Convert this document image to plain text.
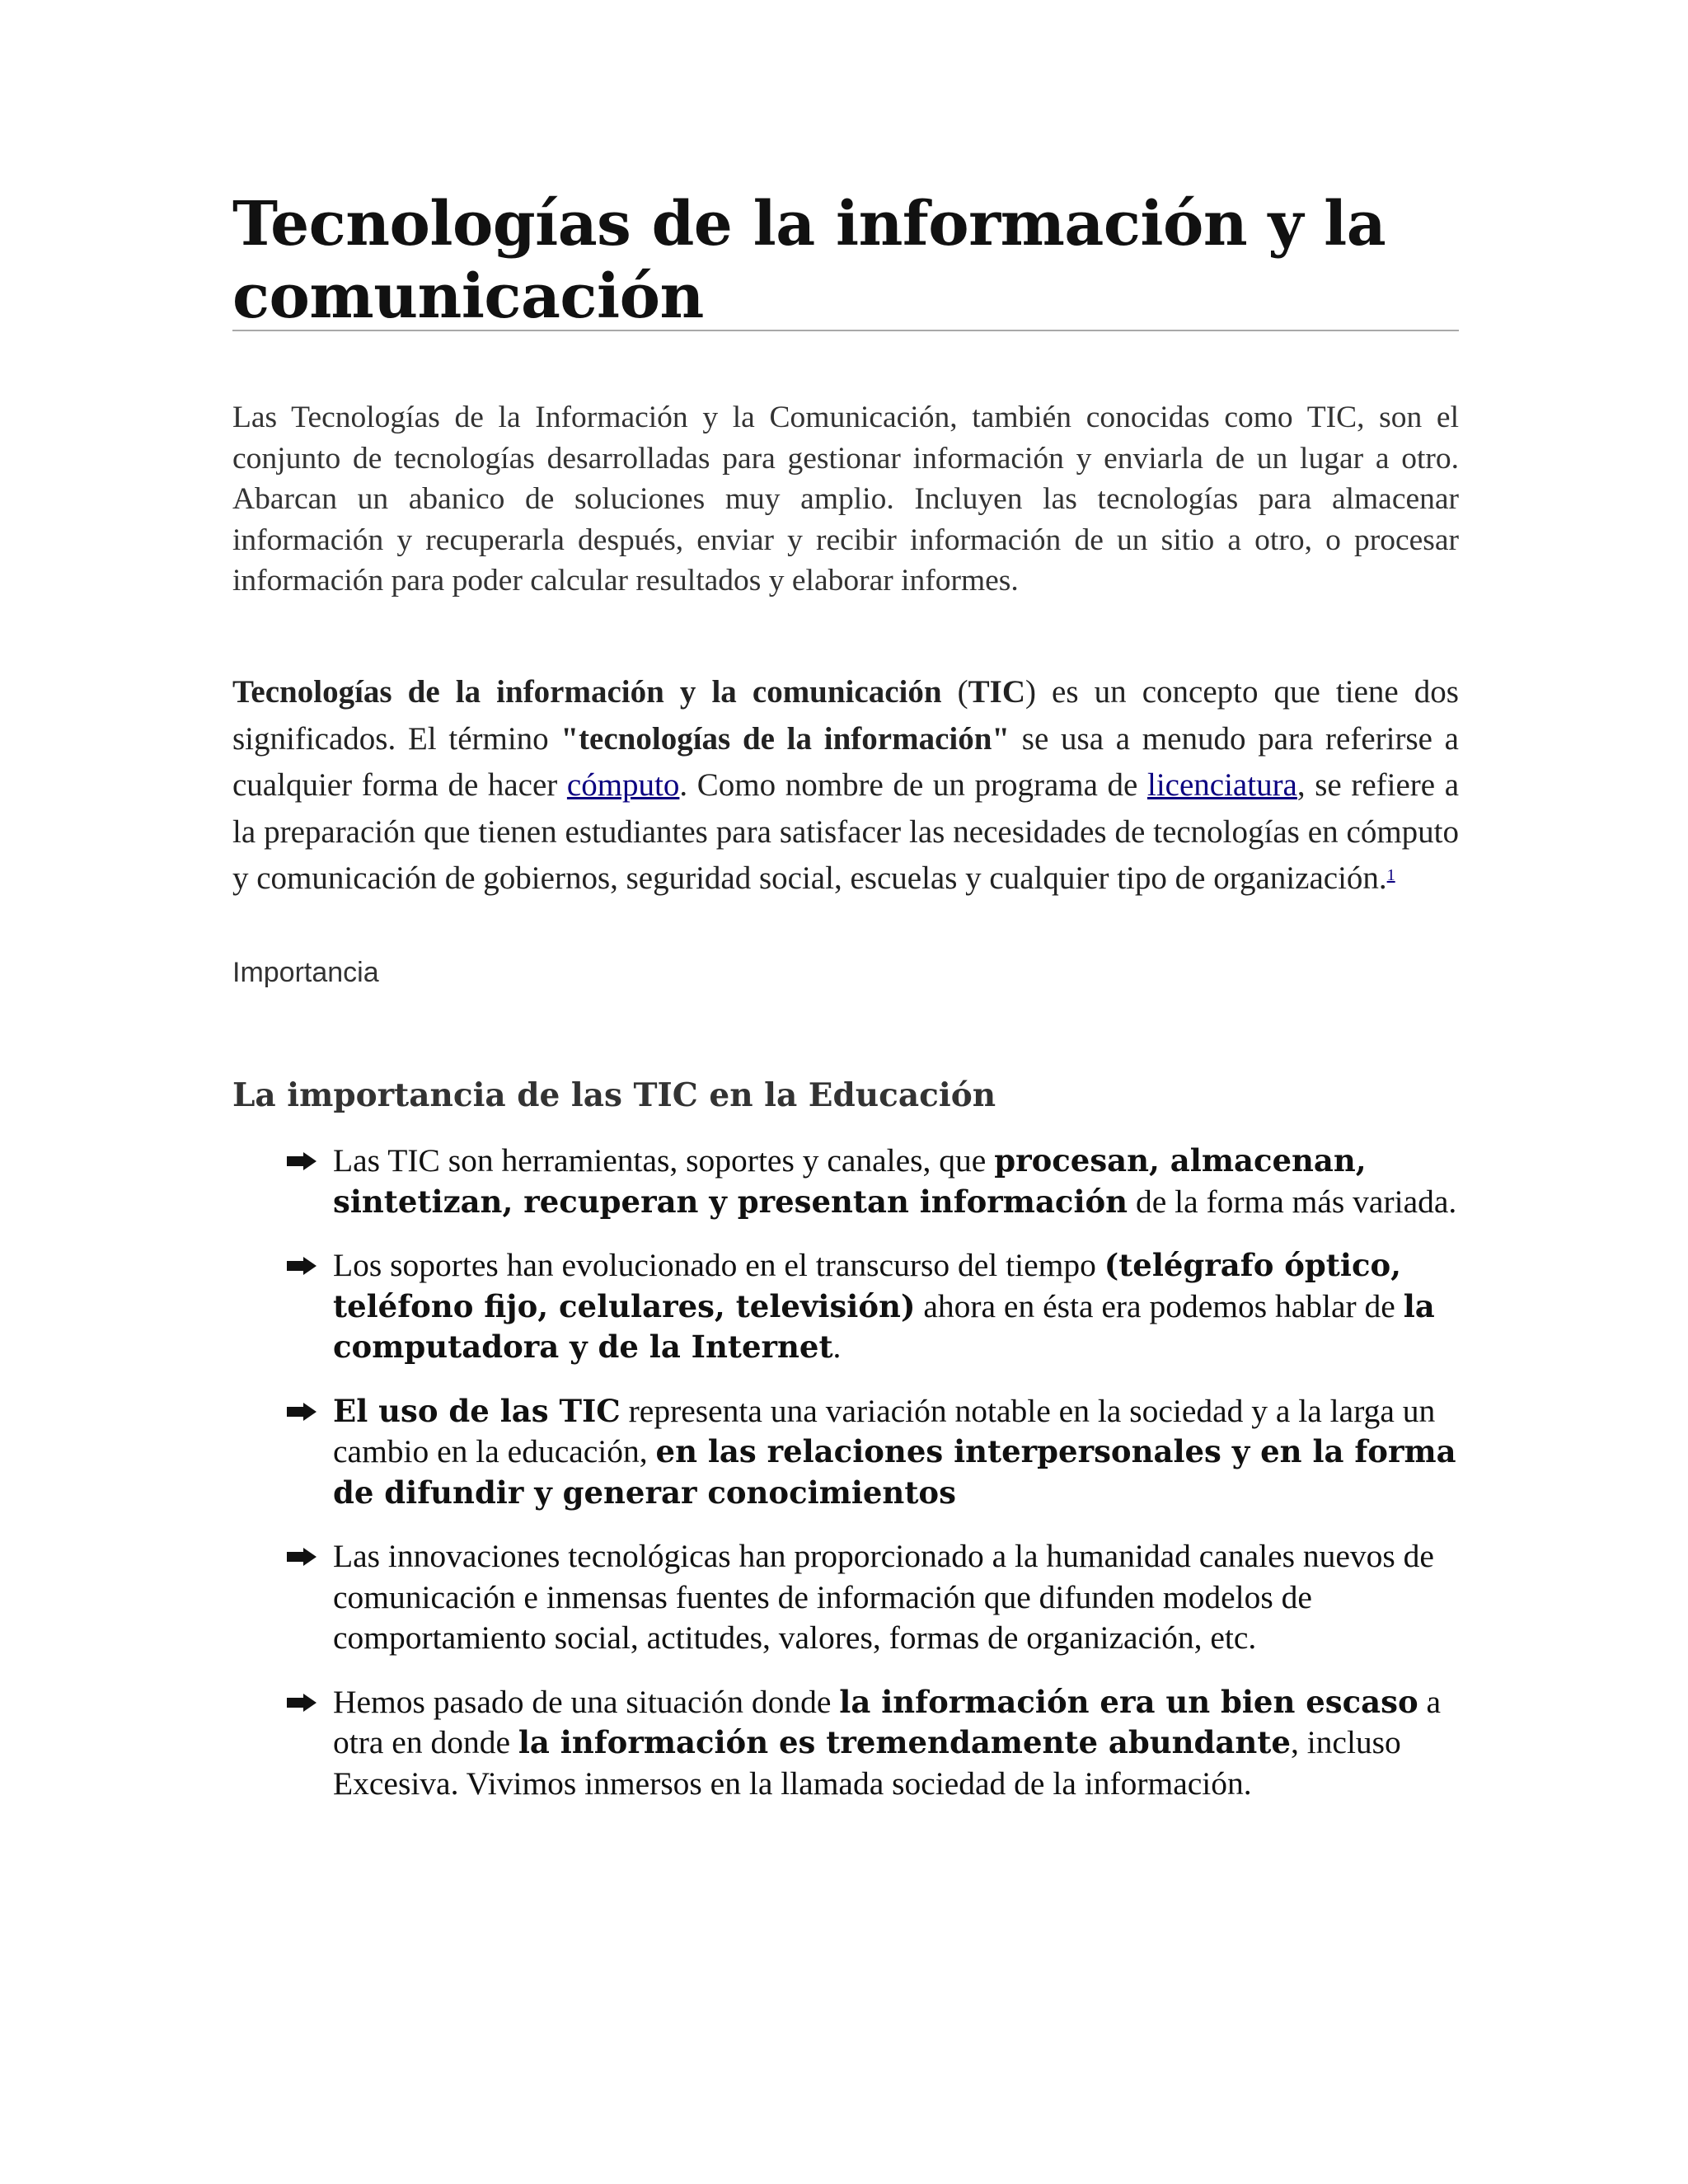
Tecnologías de la información y la comunicación

Las Tecnologías de la Información y la Comunicación, también conocidas como TIC, son el conjunto de tecnologías desarrolladas para gestionar información y enviarla de un lugar a otro. Abarcan un abanico de soluciones muy amplio. Incluyen las tecnologías para almacenar información y recuperarla después, enviar y recibir información de un sitio a otro, o procesar información para poder calcular resultados y elaborar informes.

Tecnologías de la información y la comunicación (TIC) es un concepto que tiene dos significados. El término "tecnologías de la información" se usa a menudo para referirse a cualquier forma de hacer cómputo. Como nombre de un programa de licenciatura, se refiere a la preparación que tienen estudiantes para satisfacer las necesidades de tecnologías en cómputo y comunicación de gobiernos, seguridad social, escuelas y cualquier tipo de organización.$^1$

Importancia

La importancia de las TIC en la Educación
Las TIC son herramientas, soportes y canales, que procesan, almacenan, sintetizan, recuperan y presentan información de la forma más variada.
Los soportes han evolucionado en el transcurso del tiempo (telégrafo óptico, teléfono fijo, celulares, televisión) ahora en ésta era podemos hablar de la computadora y de la Internet.
El uso de las TIC representa una variación notable en la sociedad y a la larga un cambio en la educación, en las relaciones interpersonales y en la forma de difundir y generar conocimientos
Las innovaciones tecnológicas han proporcionado a la humanidad canales nuevos de comunicación e inmensas fuentes de información que difunden modelos de comportamiento social, actitudes, valores, formas de organización, etc.
Hemos pasado de una situación donde la información era un bien escaso a otra en donde la información es tremendamente abundante, incluso Excesiva. Vivimos inmersos en la llamada sociedad de la información.
